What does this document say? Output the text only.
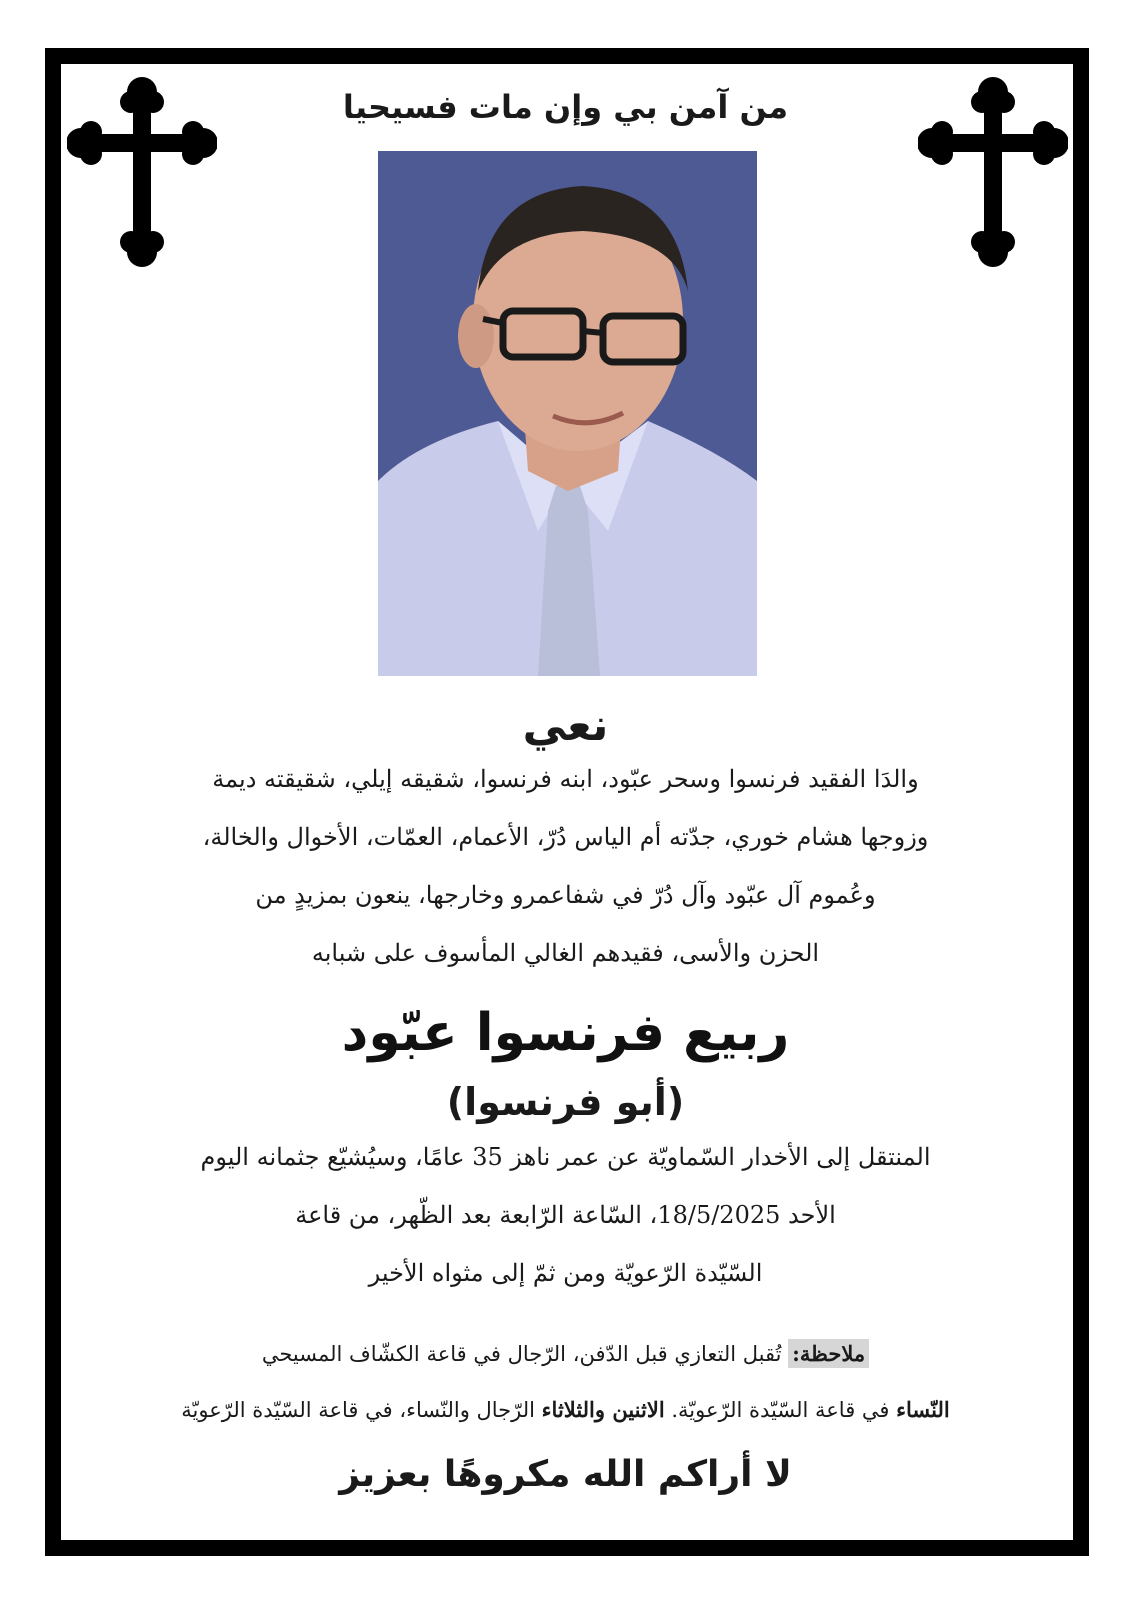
من آمن بي وإن مات فسيحيا
نعي
والدَا الفقيد فرنسوا وسحر عبّود، ابنه فرنسوا، شقيقه إيلي، شقيقته ديمة
وزوجها هشام خوري، جدّته أم الياس دُرّ، الأعمام، العمّات، الأخوال والخالة،
وعُموم آل عبّود وآل دُرّ في شفاعمرو وخارجها، ينعون بمزيدٍ من
الحزن والأسى، فقيدهم الغالي المأسوف على شبابه
ربيع فرنسوا عبّود
(أبو فرنسوا)
المنتقل إلى الأخدار السّماويّة عن عمر ناهز 35 عامًا، وسيُشيّع جثمانه اليوم
الأحد 18/5/2025، السّاعة الرّابعة بعد الظّهر، من قاعة
السّيّدة الرّعويّة ومن ثمّ إلى مثواه الأخير
ملاحظة: تُقبل التعازي قبل الدّفن، الرّجال في قاعة الكشّاف المسيحي
النّساء في قاعة السّيّدة الرّعويّة. الاثنين والثلاثاء الرّجال والنّساء، في قاعة السّيّدة الرّعويّة
لا أراكم الله مكروهًا بعزيز
